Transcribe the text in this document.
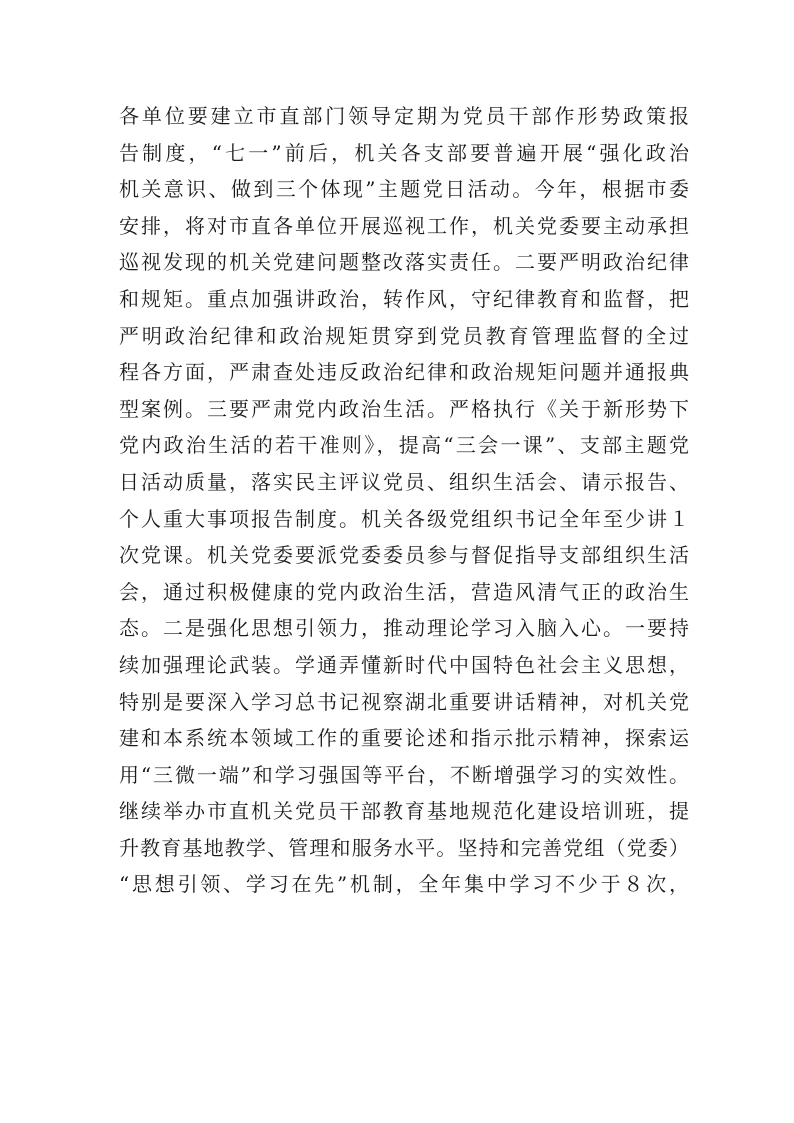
各单位要建立市直部门领导定期为党员干部作形势政策报
告制度，“七一”前后，机关各支部要普遍开展“强化政治
机关意识、做到三个体现”主题党日活动。今年，根据市委
安排，将对市直各单位开展巡视工作，机关党委要主动承担
巡视发现的机关党建问题整改落实责任。二要严明政治纪律
和规矩。重点加强讲政治，转作风，守纪律教育和监督，把
严明政治纪律和政治规矩贯穿到党员教育管理监督的全过
程各方面，严肃查处违反政治纪律和政治规矩问题并通报典
型案例。三要严肃党内政治生活。严格执行《关于新形势下
党内政治生活的若干准则》，提高“三会一课”、支部主题党
日活动质量，落实民主评议党员、组织生活会、请示报告、
个人重大事项报告制度。机关各级党组织书记全年至少讲１
次党课。机关党委要派党委委员参与督促指导支部组织生活
会，通过积极健康的党内政治生活，营造风清气正的政治生
态。二是强化思想引领力，推动理论学习入脑入心。一要持
续加强理论武装。学通弄懂新时代中国特色社会主义思想，
特别是要深入学习总书记视察湖北重要讲话精神，对机关党
建和本系统本领域工作的重要论述和指示批示精神，探索运
用“三微一端”和学习强国等平台，不断增强学习的实效性。
继续举办市直机关党员干部教育基地规范化建设培训班，提
升教育基地教学、管理和服务水平。坚持和完善党组（党委）
“思想引领、学习在先”机制，全年集中学习不少于８次，
